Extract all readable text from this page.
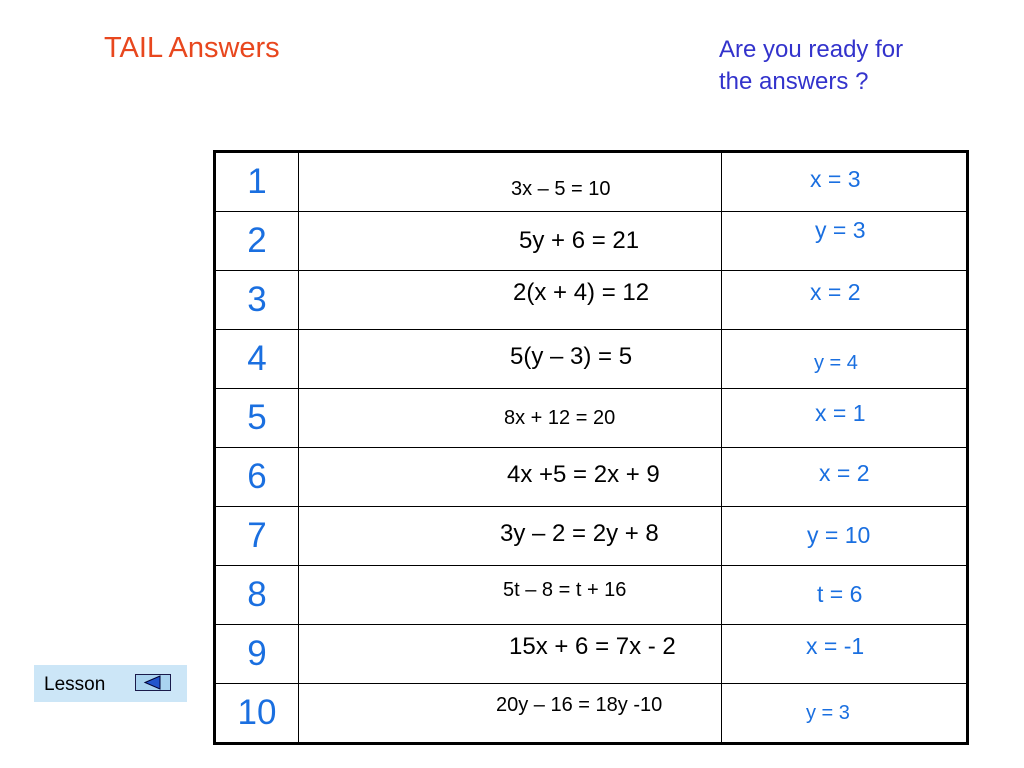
TAIL Answers	Are you ready for
the answers ?
1	3x – 5 = 10	x = 3

2	5y + 6 = 21	y = 3

3	2(x + 4) = 12	x = 2

4	5(y – 3) = 5	y = 4

5	8x + 12 = 20	x = 1

6	4x +5 = 2x + 9	x = 2

7	3y – 2 = 2y + 8	y = 10

8	5t – 8 = t + 16	t = 6

9	15x + 6 = 7x - 2	x = -1

10	20y – 16 = 18y -10	y = 3
Lesson
